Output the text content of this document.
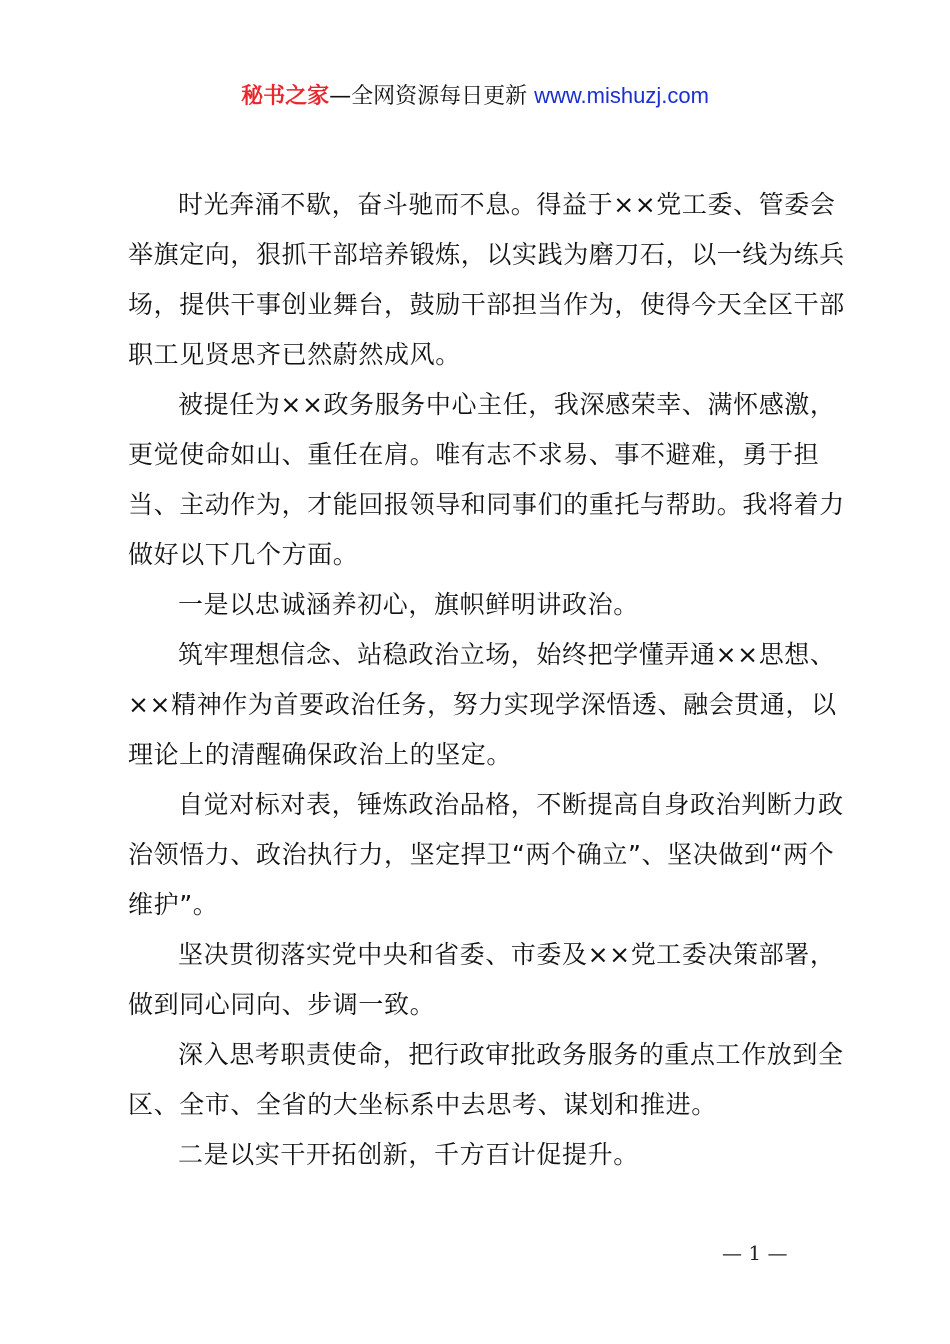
秘书之家—全网资源每日更新 www.mishuzj.com

时光奔涌不歇，奋斗驰而不息。得益于××党工委、管委会举旗定向，狠抓干部培养锻炼，以实践为磨刀石，以一线为练兵场，提供干事创业舞台，鼓励干部担当作为，使得今天全区干部职工见贤思齐已然蔚然成风。

被提任为××政务服务中心主任，我深感荣幸、满怀感激，更觉使命如山、重任在肩。唯有志不求易、事不避难，勇于担当、主动作为，才能回报领导和同事们的重托与帮助。我将着力做好以下几个方面。

一是以忠诚涵养初心，旗帜鲜明讲政治。

筑牢理想信念、站稳政治立场，始终把学懂弄通××思想、××精神作为首要政治任务，努力实现学深悟透、融会贯通，以理论上的清醒确保政治上的坚定。

自觉对标对表，锤炼政治品格，不断提高自身政治判断力政治领悟力、政治执行力，坚定捍卫“两个确立”、坚决做到“两个维护”。

坚决贯彻落实党中央和省委、市委及××党工委决策部署，做到同心同向、步调一致。

深入思考职责使命，把行政审批政务服务的重点工作放到全区、全市、全省的大坐标系中去思考、谋划和推进。

二是以实干开拓创新，千方百计促提升。

— 1 —
